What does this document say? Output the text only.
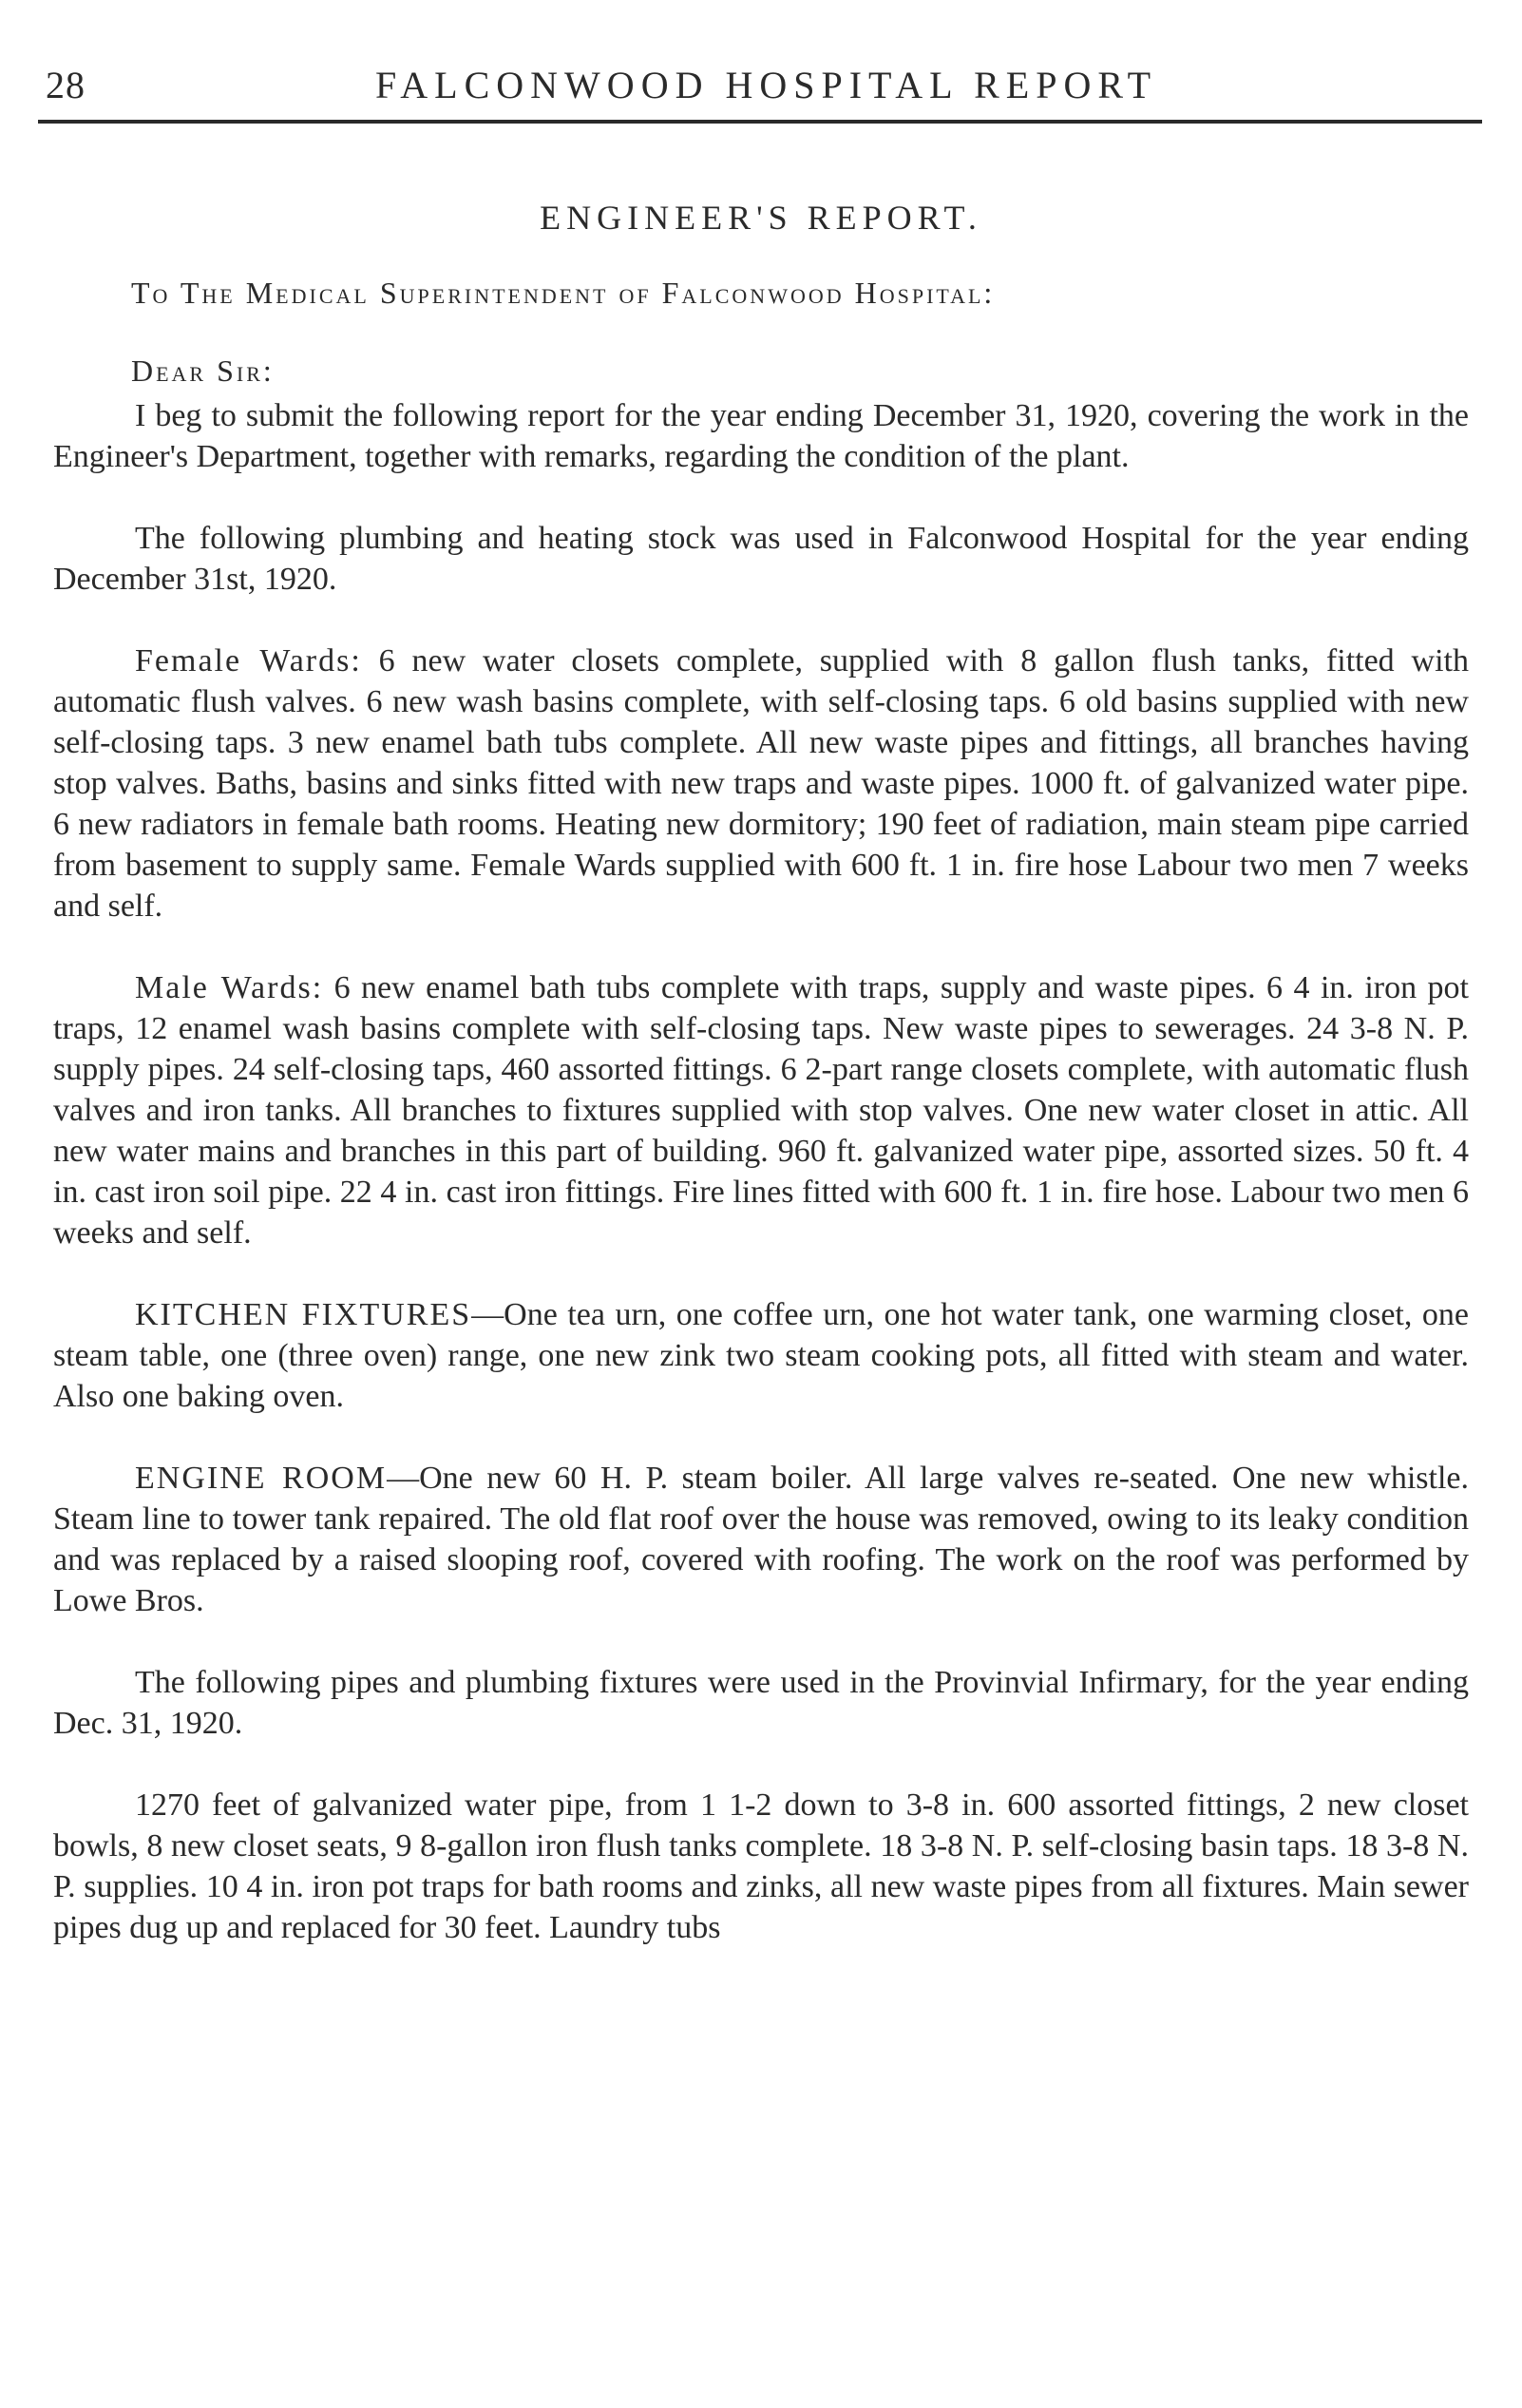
28	FALCONWOOD HOSPITAL REPORT
ENGINEER'S REPORT.
To The Medical Superintendent of Falconwood Hospital:
Dear Sir:

I beg to submit the following report for the year ending December 31, 1920, covering the work in the Engineer's Department, together with remarks, regarding the condition of the plant.

The following plumbing and heating stock was used in Falconwood Hospital for the year ending December 31st, 1920.

Female Wards: 6 new water closets complete, supplied with 8 gallon flush tanks, fitted with automatic flush valves. 6 new wash basins complete, with self-closing taps. 6 old basins supplied with new self-closing taps. 3 new enamel bath tubs complete. All new waste pipes and fittings, all branches having stop valves. Baths, basins and sinks fitted with new traps and waste pipes. 1000 ft. of galvanized water pipe. 6 new radiators in female bath rooms. Heating new dormitory; 190 feet of radiation, main steam pipe carried from basement to supply same. Female Wards supplied with 600 ft. 1 in. fire hose Labour two men 7 weeks and self.

Male Wards: 6 new enamel bath tubs complete with traps, supply and waste pipes. 6 4 in. iron pot traps, 12 enamel wash basins complete with self-closing taps. New waste pipes to sewerages. 24 3-8 N. P. supply pipes. 24 self-closing taps, 460 assorted fittings. 6 2-part range closets complete, with automatic flush valves and iron tanks. All branches to fixtures supplied with stop valves. One new water closet in attic. All new water mains and branches in this part of building. 960 ft. galvanized water pipe, assorted sizes. 50 ft. 4 in. cast iron soil pipe. 22 4 in. cast iron fittings. Fire lines fitted with 600 ft. 1 in. fire hose. Labour two men 6 weeks and self.

KITCHEN FIXTURES—One tea urn, one coffee urn, one hot water tank, one warming closet, one steam table, one (three oven) range, one new zink two steam cooking pots, all fitted with steam and water. Also one baking oven.

ENGINE ROOM—One new 60 H. P. steam boiler. All large valves re-seated. One new whistle. Steam line to tower tank repaired. The old flat roof over the house was removed, owing to its leaky condition and was replaced by a raised slooping roof, covered with roofing. The work on the roof was performed by Lowe Bros.

The following pipes and plumbing fixtures were used in the Provinvial Infirmary, for the year ending Dec. 31, 1920.

1270 feet of galvanized water pipe, from 1 1-2 down to 3-8 in. 600 assorted fittings, 2 new closet bowls, 8 new closet seats, 9 8-gallon iron flush tanks complete. 18 3-8 N. P. self-closing basin taps. 18 3-8 N. P. supplies. 10 4 in. iron pot traps for bath rooms and zinks, all new waste pipes from all fixtures. Main sewer pipes dug up and replaced for 30 feet. Laundry tubs
